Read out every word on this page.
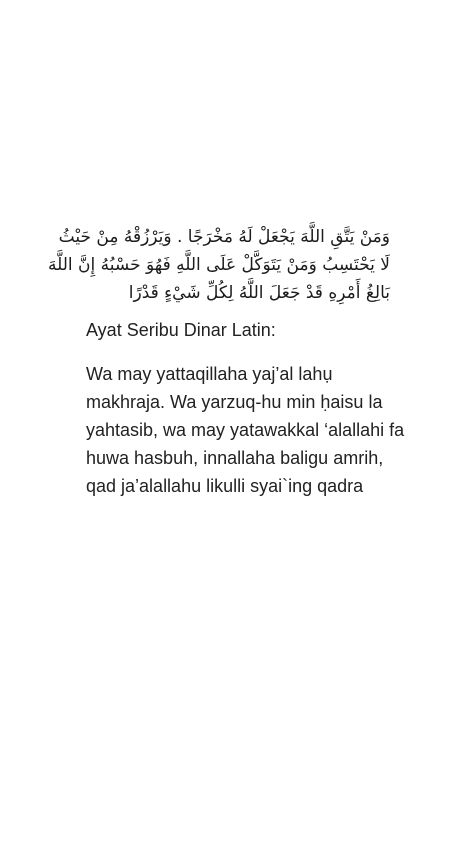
وَمَنْ يَتَّقِ اللَّهَ يَجْعَلْ لَهُ مَخْرَجًا . وَيَرْزُقْهُ مِنْ حَيْثُ
لَا يَحْتَسِبُ وَمَنْ يَتَوَكَّلْ عَلَى اللَّهِ فَهُوَ حَسْبُهُ إِنَّ اللَّهَ
بَالِغُ أَمْرِهِ قَدْ جَعَلَ اللَّهُ لِكُلِّ شَيْءٍ قَدْرًا
Ayat Seribu Dinar Latin:
Wa may yattaqillaha yaj’al lahụ
makhraja. Wa yarzuq-hu min ḥaisu la
yahtasib, wa may yatawakkal ‘alallahi fa
huwa hasbuh, innallaha baligu amrih,
qad ja’alallahu likulli syai`ing qadra
